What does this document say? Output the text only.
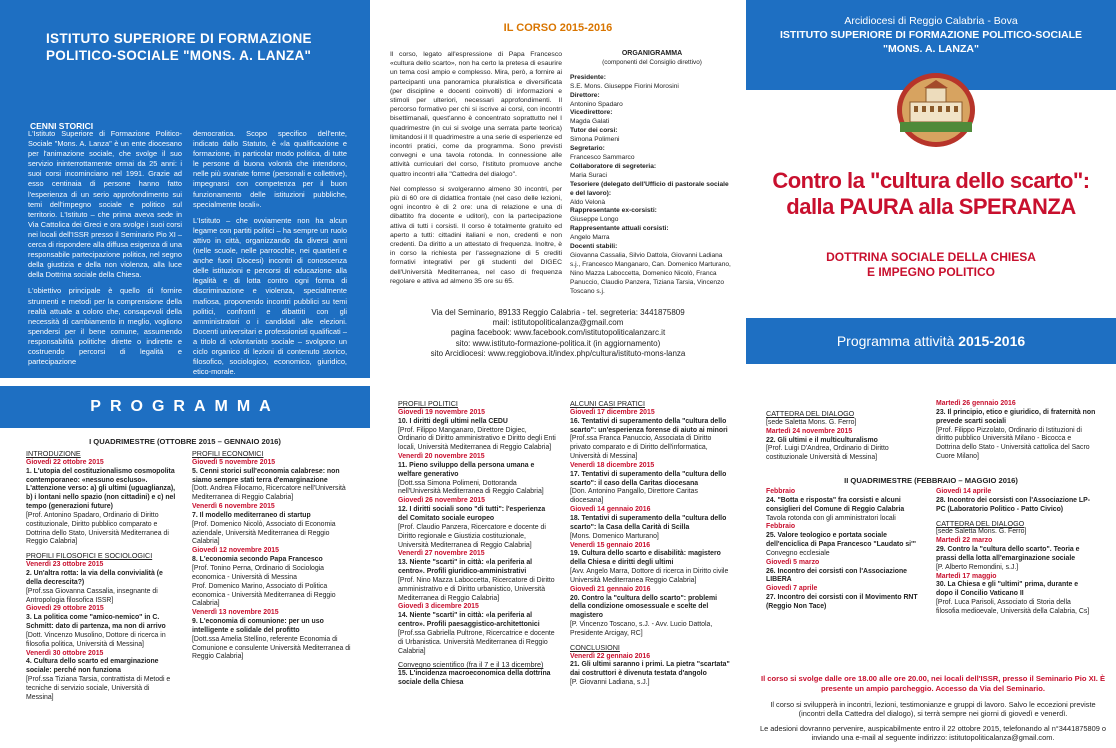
ISTITUTO SUPERIORE DI FORMAZIONE POLITICO-SOCIALE "MONS. A. LANZA"
CENNI STORICI

L'Istituto Superiore di Formazione Politico-Sociale "Mons. A. Lanza" è un ente diocesano per l'animazione sociale, che svolge il suo servizio ininterrottamente ormai da 25 anni: i suoi corsi incominciano nel 1991. Grazie ad esso centinaia di persone hanno fatto l'esperienza di un serio approfondimento sui temi dell'impegno sociale e politico sul territorio. L'Istituto – che prima aveva sede in Via Cattolica dei Greci e ora svolge i suoi corsi nei locali dell'ISSR presso il Seminario Pio XI – cerca di rispondere alla diffusa esigenza di una responsabile partecipazione politica, nel segno della giustizia e della non violenza, alla luce della Dottrina sociale della Chiesa.

L'obiettivo principale è quello di fornire strumenti e metodi per la comprensione della realtà attuale a coloro che, consapevoli della necessità di cambiamento in meglio, vogliono spendersi per il bene comune, assumendo responsabilità politiche dirette o indirette e costruendo percorsi di legalità e partecipazione

democratica. Scopo specifico dell'ente, indicato dallo Statuto, è «la qualificazione e formazione, in particolar modo politica, di tutte le persone di buona volontà che intendono, nelle più svariate forme (personali e collettive), impegnarsi con competenza per il buon funzionamento delle istituzioni pubbliche, specialmente locali».

L'Istituto – che ovviamente non ha alcun legame con partiti politici – ha sempre un ruolo attivo in città, organizzando da diversi anni (nelle scuole, nelle parrocchie, nei quartieri e anche fuori Diocesi) incontri di conoscenza delle istituzioni e percorsi di educazione alla legalità e di lotta contro ogni forma di discriminazione e violenza, specialmente mafiosa, proponendo incontri pubblici su temi politici, confronti e dibattiti con gli amministratori o i candidati alle elezioni. Docenti universitari e professionisti qualificati – a titolo di volontariato sociale – svolgono un ciclo organico di lezioni di contenuto storico, filosofico, sociologico, economico, giuridico, etico-morale.

IL CORSO 2015-2016

Il corso, legato all'espressione di Papa Francesco «cultura dello scarto», non ha certo la pretesa di esaurire un tema così ampio e complesso. Mira, però, a fornire ai partecipanti una panoramica pluralistica e diversificata (per discipline e docenti coinvolti) di informazioni e stimoli per ulteriori, necessari approfondimenti. Il percorso formativo per chi si iscrive ai corsi, con incontri bisettimanali, quest'anno è concentrato soprattutto nel I quadrimestre (in cui si svolge una serrata parte teorica) limitandosi il II quadrimestre a una serie di esperienze ed incontri pratici, come da programma. Sono previsti convegni e una tavola rotonda. In connessione alle attività curriculari del corso, l'Istituto promuove anche quattro incontri alla "Cattedra del dialogo".

Nel complesso si svolgeranno almeno 30 incontri, per più di 60 ore di didattica frontale (nel caso delle lezioni, ogni incontro è di 2 ore: una di relazione e una di dibattito fra docente e uditori), con la partecipazione attiva di tutti i corsisti. Il corso è totalmente gratuito ed aperto a tutti: cittadini italiani e non, credenti e non credenti. Da diritto a un attestato di frequenza. Inoltre, è in corso la richiesta per l'assegnazione di 5 crediti formativi integrativi per gli studenti del DIGEC dell'Università Mediterranea, nel caso di frequenza regolare e attiva ad almeno 35 ore su 65.

ORGANIGRAMMA
(componenti del Consiglio direttivo)
Presidente:
S.E. Mons. Giuseppe Fiorini Morosini
Direttore:
Antonino Spadaro
Vicedirettore:
Magda Galati
Tutor dei corsi:
Simona Polimeni
Segretario:
Francesco Sammarco
Collaboratore di segreteria:
Maria Suraci
Tesoriere (delegato dell'Ufficio di pastorale sociale e del lavoro):
Aldo Velonà
Rappresentante ex-corsisti:
Giuseppe Longo
Rappresentante attuali corsisti:
Angelo Marra
Docenti stabili:
Giovanna Cassalia, Silvio Dattola, Giovanni Ladiana s.j., Francesco Manganaro, Can. Domenico Marturano, Nino Mazza Laboccetta, Domenico Nicolò, Franca Panuccio, Claudio Panzera, Tiziana Tarsia, Vincenzo Toscano s.j.
Via del Seminario, 89133 Reggio Calabria - tel. segreteria: 3441875809
mail: istitutopoliticalanza@gmail.com
pagina facebook: www.facebook.com/istitutopoliticalanzarc.it
sito: www.istituto-formazione-politica.it (in aggiornamento)
sito Arcidiocesi: www.reggiobova.it/index.php/cultura/istituto-mons-lanza
Arcidiocesi di Reggio Calabria - Bova
ISTITUTO SUPERIORE DI FORMAZIONE POLITICO-SOCIALE
"MONS. A. LANZA"
Contro la "cultura dello scarto":
dalla PAURA alla SPERANZA
DOTTRINA SOCIALE DELLA CHIESA
E IMPEGNO POLITICO
Programma attività 2015-2016
PROGRAMMA
I QUADRIMESTRE (OTTOBRE 2015 – GENNAIO 2016)
INTRODUZIONE
Giovedì 22 ottobre 2015
1. L'utopia del costituzionalismo cosmopolita contemporaneo: «nessuno escluso». L'attenzione verso: a) gli ultimi (uguaglianza), b) i lontani nello spazio (non cittadini) e c) nel tempo (generazioni future)
[Prof. Antonino Spadaro, Ordinario di Diritto costituzionale, Diritto pubblico comparato e Dottrina dello Stato, Università Mediterranea di Reggio Calabria]
PROFILI FILOSOFICI E SOCIOLOGICI
Venerdì 23 ottobre 2015
2. Un'altra rotta: la via della convivialità (e della decrescita?)
[Prof.ssa Giovanna Cassalia, insegnante di Antropologia filosofica ISSR]
Giovedì 29 ottobre 2015
3. La politica come "amico-nemico" in C. Schmitt: dato di partenza, ma non di arrivo
[Dott. Vincenzo Musolino, Dottore di ricerca in filosofia politica, Università di Messina]
Venerdì 30 ottobre 2015
4. Cultura dello scarto ed emarginazione sociale: perché non funziona
[Prof.ssa Tiziana Tarsia, contrattista di Metodi e tecniche di servizio sociale, Università di Messina]
PROFILI ECONOMICI
Giovedì 5 novembre 2015
5. Cenni storici sull'economia calabrese: non siamo sempre stati terra d'emarginazione
[Dott. Andrea Filocamo, Ricercatore nell'Università Mediterranea di Reggio Calabria]
Venerdì 6 novembre 2015
7. Il modello mediterraneo di startup
[Prof. Domenico Nicolò, Associato di Economia aziendale, Università Mediterranea di Reggio Calabria]
Giovedì 12 novembre 2015
8. L'economia secondo Papa Francesco
[Prof. Tonino Perna, Ordinario di Sociologia economica - Università di Messina
Prof. Domenico Marino, Associato di Politica economica - Università Mediterranea di Reggio Calabria]
Venerdì 13 novembre 2015
9. L'economia di comunione: per un uso intelligente e solidale del profitto
[Dott.ssa Amelia Stellino, referente Economia di Comunione e consulente Università Mediterranea di Reggio Calabria]
PROFILI POLITICI
Giovedì 19 novembre 2015
10. I diritti degli ultimi nella CEDU
[Prof. Filippo Manganaro, Direttore Digiec, Ordinario di Diritto amministrativo e Diritto degli Enti locali, Università Mediterranea di Reggio Calabria]
Venerdì 20 novembre 2015
11. Pieno sviluppo della persona umana e welfare generativo
[Dott.ssa Simona Polimeni, Dottoranda nell'Università Mediterranea di Reggio Calabria]
Giovedì 26 novembre 2015
12. I diritti sociali sono "di tutti": l'esperienza del Comitato sociale europeo
[Prof. Claudio Panzera, Ricercatore e docente di Diritto regionale e Giustizia costituzionale, Università Mediterranea di Reggio Calabria]
Venerdì 27 novembre 2015
13. Niente "scarti" in città: «la periferia al centro». Profili giuridico-amministrativi
[Prof. Nino Mazza Laboccetta, Ricercatore di Diritto amministrativo e di Diritto urbanistico, Università Mediterranea di Reggio Calabria]
Giovedì 3 dicembre 2015
14. Niente "scarti" in città: «la periferia al centro». Profili paesaggistico-architettonici
[Prof.ssa Gabriella Pultrone, Ricercatrice e docente di Urbanistica. Università Mediterranea di Reggio Calabria]
Convegno scientifico (fra il 7 e il 13 dicembre)
15. L'incidenza macroeconomica della dottrina sociale della Chiesa
ALCUNI CASI PRATICI
Giovedì 17 dicembre 2015
16. Tentativi di superamento della "cultura dello scarto": un'esperienza forense di aiuto ai minori
[Prof.ssa Franca Panuccio, Associata di Diritto privato comparato e di Diritto dell'informatica, Università di Messina]
Venerdì 18 dicembre 2015
17. Tentativi di superamento della "cultura dello scarto": il caso della Caritas diocesana
[Don. Antonino Pangallo, Direttore Caritas diocesana]
Giovedì 14 gennaio 2016
18. Tentativi di superamento della "cultura dello scarto": la Casa della Carità di Scilla
[Mons. Domenico Marturano]
Venerdì 15 gennaio 2016
19. Cultura dello scarto e disabilità: magistero della Chiesa e diritti degli ultimi
[Avv. Angelo Marra, Dottore di ricerca in Diritto civile Università Mediterranea Reggio Calabria]
Giovedì 21 gennaio 2016
20. Contro la "cultura dello scarto": problemi della condizione omosessuale e scelte del magistero
[P. Vincenzo Toscano, s.J. - Avv. Lucio Dattola, Presidente Arcigay, RC]
CONCLUSIONI
Venerdì 22 gennaio 2016
21. Gli ultimi saranno i primi. La pietra "scartata" dai costruttori è divenuta testata d'angolo
[P. Giovanni Ladiana, s.J.]
CATTEDRA DEL DIALOGO
[sede Saletta Mons. G. Ferro]
Martedì 24 novembre 2015
22. Gli ultimi e il multiculturalismo
[Prof. Luigi D'Andrea, Ordinario di Diritto costituzionale Università di Messina]
Martedì 26 gennaio 2016
23. Il principio, etico e giuridico, di fraternità non prevede scarti sociali
[Prof. Filippo Pizzolato, Ordinario di Istituzioni di diritto pubblico Università Milano - Bicocca e Dottrina dello Stato - Università cattolica del Sacro Cuore Milano]
II QUADRIMESTRE (FEBBRAIO – MAGGIO 2016)
Febbraio
24. "Botta e risposta" fra corsisti e alcuni consiglieri del Comune di Reggio Calabria
Tavola rotonda con gli amministratori locali
Febbraio
25. Valore teologico e portata sociale dell'enciclica di Papa Francesco "Laudato si'"
Convegno ecclesiale
Giovedì 5 marzo
26. Incontro dei corsisti con l'Associazione LIBERA
Giovedì 7 aprile
27. Incontro dei corsisti con il Movimento RNT (Reggio Non Tace)
Giovedì 14 aprile
28. Incontro dei corsisti con l'Associazione LP-PC (Laboratorio Politico - Patto Civico)
CATTEDRA DEL DIALOGO
[sede Saletta Mons. G. Ferro]
Martedì 22 marzo
29. Contro la "cultura dello scarto". Teoria e prassi della lotta all'emarginazione sociale
[P. Alberto Remondini, s.J.]
Martedì 17 maggio
30. La Chiesa e gli "ultimi" prima, durante e dopo il Concilio Vaticano II
[Prof. Luca Parisoli, Associato di Storia della filosofia medioevale, Università della Calabria, Cs]
Il corso si svolge dalle ore 18.00 alle ore 20.00, nei locali dell'ISSR, presso il Seminario Pio XI. È presente un ampio parcheggio. Accesso da Via del Seminario.
Il corso si svilupperà in incontri, lezioni, testimonianze e gruppi di lavoro. Salvo le eccezioni previste (incontri della Cattedra del dialogo), si terrà sempre nei giorni di giovedì e venerdì.
Le adesioni dovranno pervenire, auspicabilmente entro il 22 ottobre 2015, telefonando al n°3441875809 o inviando una e-mail al seguente indirizzo: istitutopoliticalanza@gmail.com.
